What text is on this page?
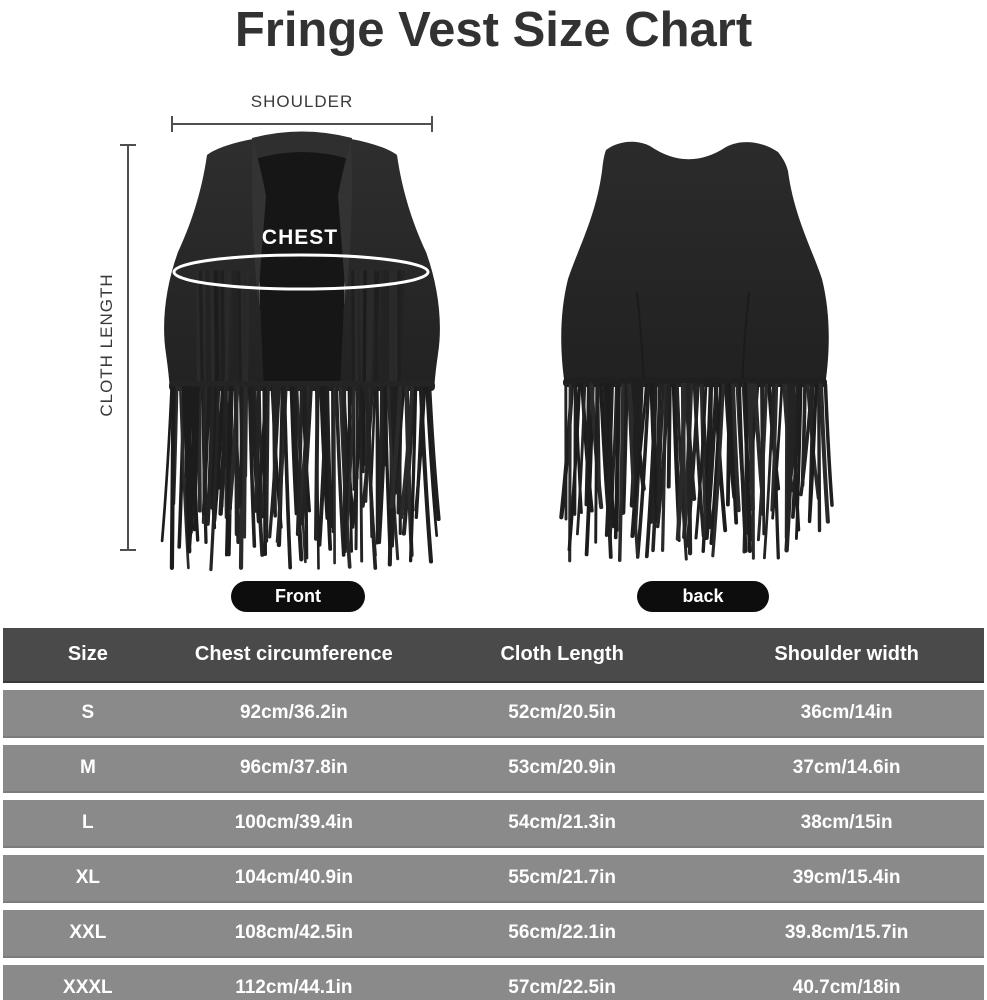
Fringe Vest Size Chart
SHOULDER
CLOTH LENGTH
CHEST
Front	back
Size	Chest circumference	Cloth Length	Shoulder width
S	92cm/36.2in	52cm/20.5in	36cm/14in
M	96cm/37.8in	53cm/20.9in	37cm/14.6in
L	100cm/39.4in	54cm/21.3in	38cm/15in
XL	104cm/40.9in	55cm/21.7in	39cm/15.4in
XXL	108cm/42.5in	56cm/22.1in	39.8cm/15.7in
XXXL	112cm/44.1in	57cm/22.5in	40.7cm/18in
